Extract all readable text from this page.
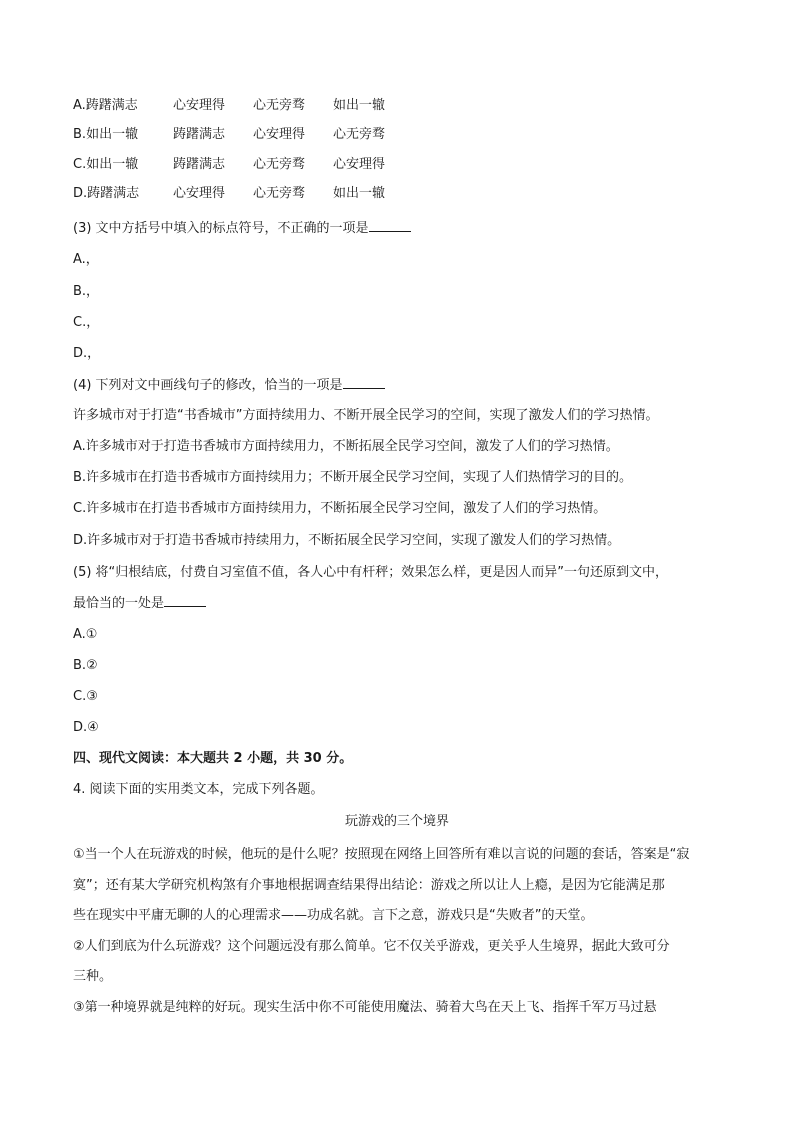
A.踌躇满志	心安理得	心无旁骛	如出一辙
B.如出一辙	踌躇满志	心安理得	心无旁骛
C.如出一辙	踌躇满志	心无旁骛	心安理得
D.踌躇满志	心安理得	心无旁骛	如出一辙
(3) 文中方括号中填入的标点符号，不正确的一项是
A.，
B.，
C.，
D.，
(4) 下列对文中画线句子的修改，恰当的一项是
许多城市对于打造“书香城市”方面持续用力、不断开展全民学习的空间，实现了激发人们的学习热情。
A.许多城市对于打造书香城市方面持续用力，不断拓展全民学习空间，激发了人们的学习热情。
B.许多城市在打造书香城市方面持续用力；不断开展全民学习空间，实现了人们热情学习的目的。
C.许多城市在打造书香城市方面持续用力，不断拓展全民学习空间，激发了人们的学习热情。
D.许多城市对于打造书香城市持续用力，不断拓展全民学习空间，实现了激发人们的学习热情。
(5) 将“归根结底，付费自习室值不值，各人心中有杆秤；效果怎么样，更是因人而异”一句还原到文中，
最恰当的一处是
A.①
B.②
C.③
D.④
四、现代文阅读：本大题共 2 小题，共 30 分。
4. 阅读下面的实用类文本，完成下列各题。
玩游戏的三个境界
①当一个人在玩游戏的时候，他玩的是什么呢？按照现在网络上回答所有难以言说的问题的套话，答案是“寂
寞”；还有某大学研究机构煞有介事地根据调查结果得出结论：游戏之所以让人上瘾，是因为它能满足那
些在现实中平庸无聊的人的心理需求——功成名就。言下之意，游戏只是“失败者”的天堂。
②人们到底为什么玩游戏？这个问题远没有那么简单。它不仅关乎游戏，更关乎人生境界，据此大致可分
三种。
③第一种境界就是纯粹的好玩。现实生活中你不可能使用魔法、骑着大鸟在天上飞、指挥千军万马过悬
